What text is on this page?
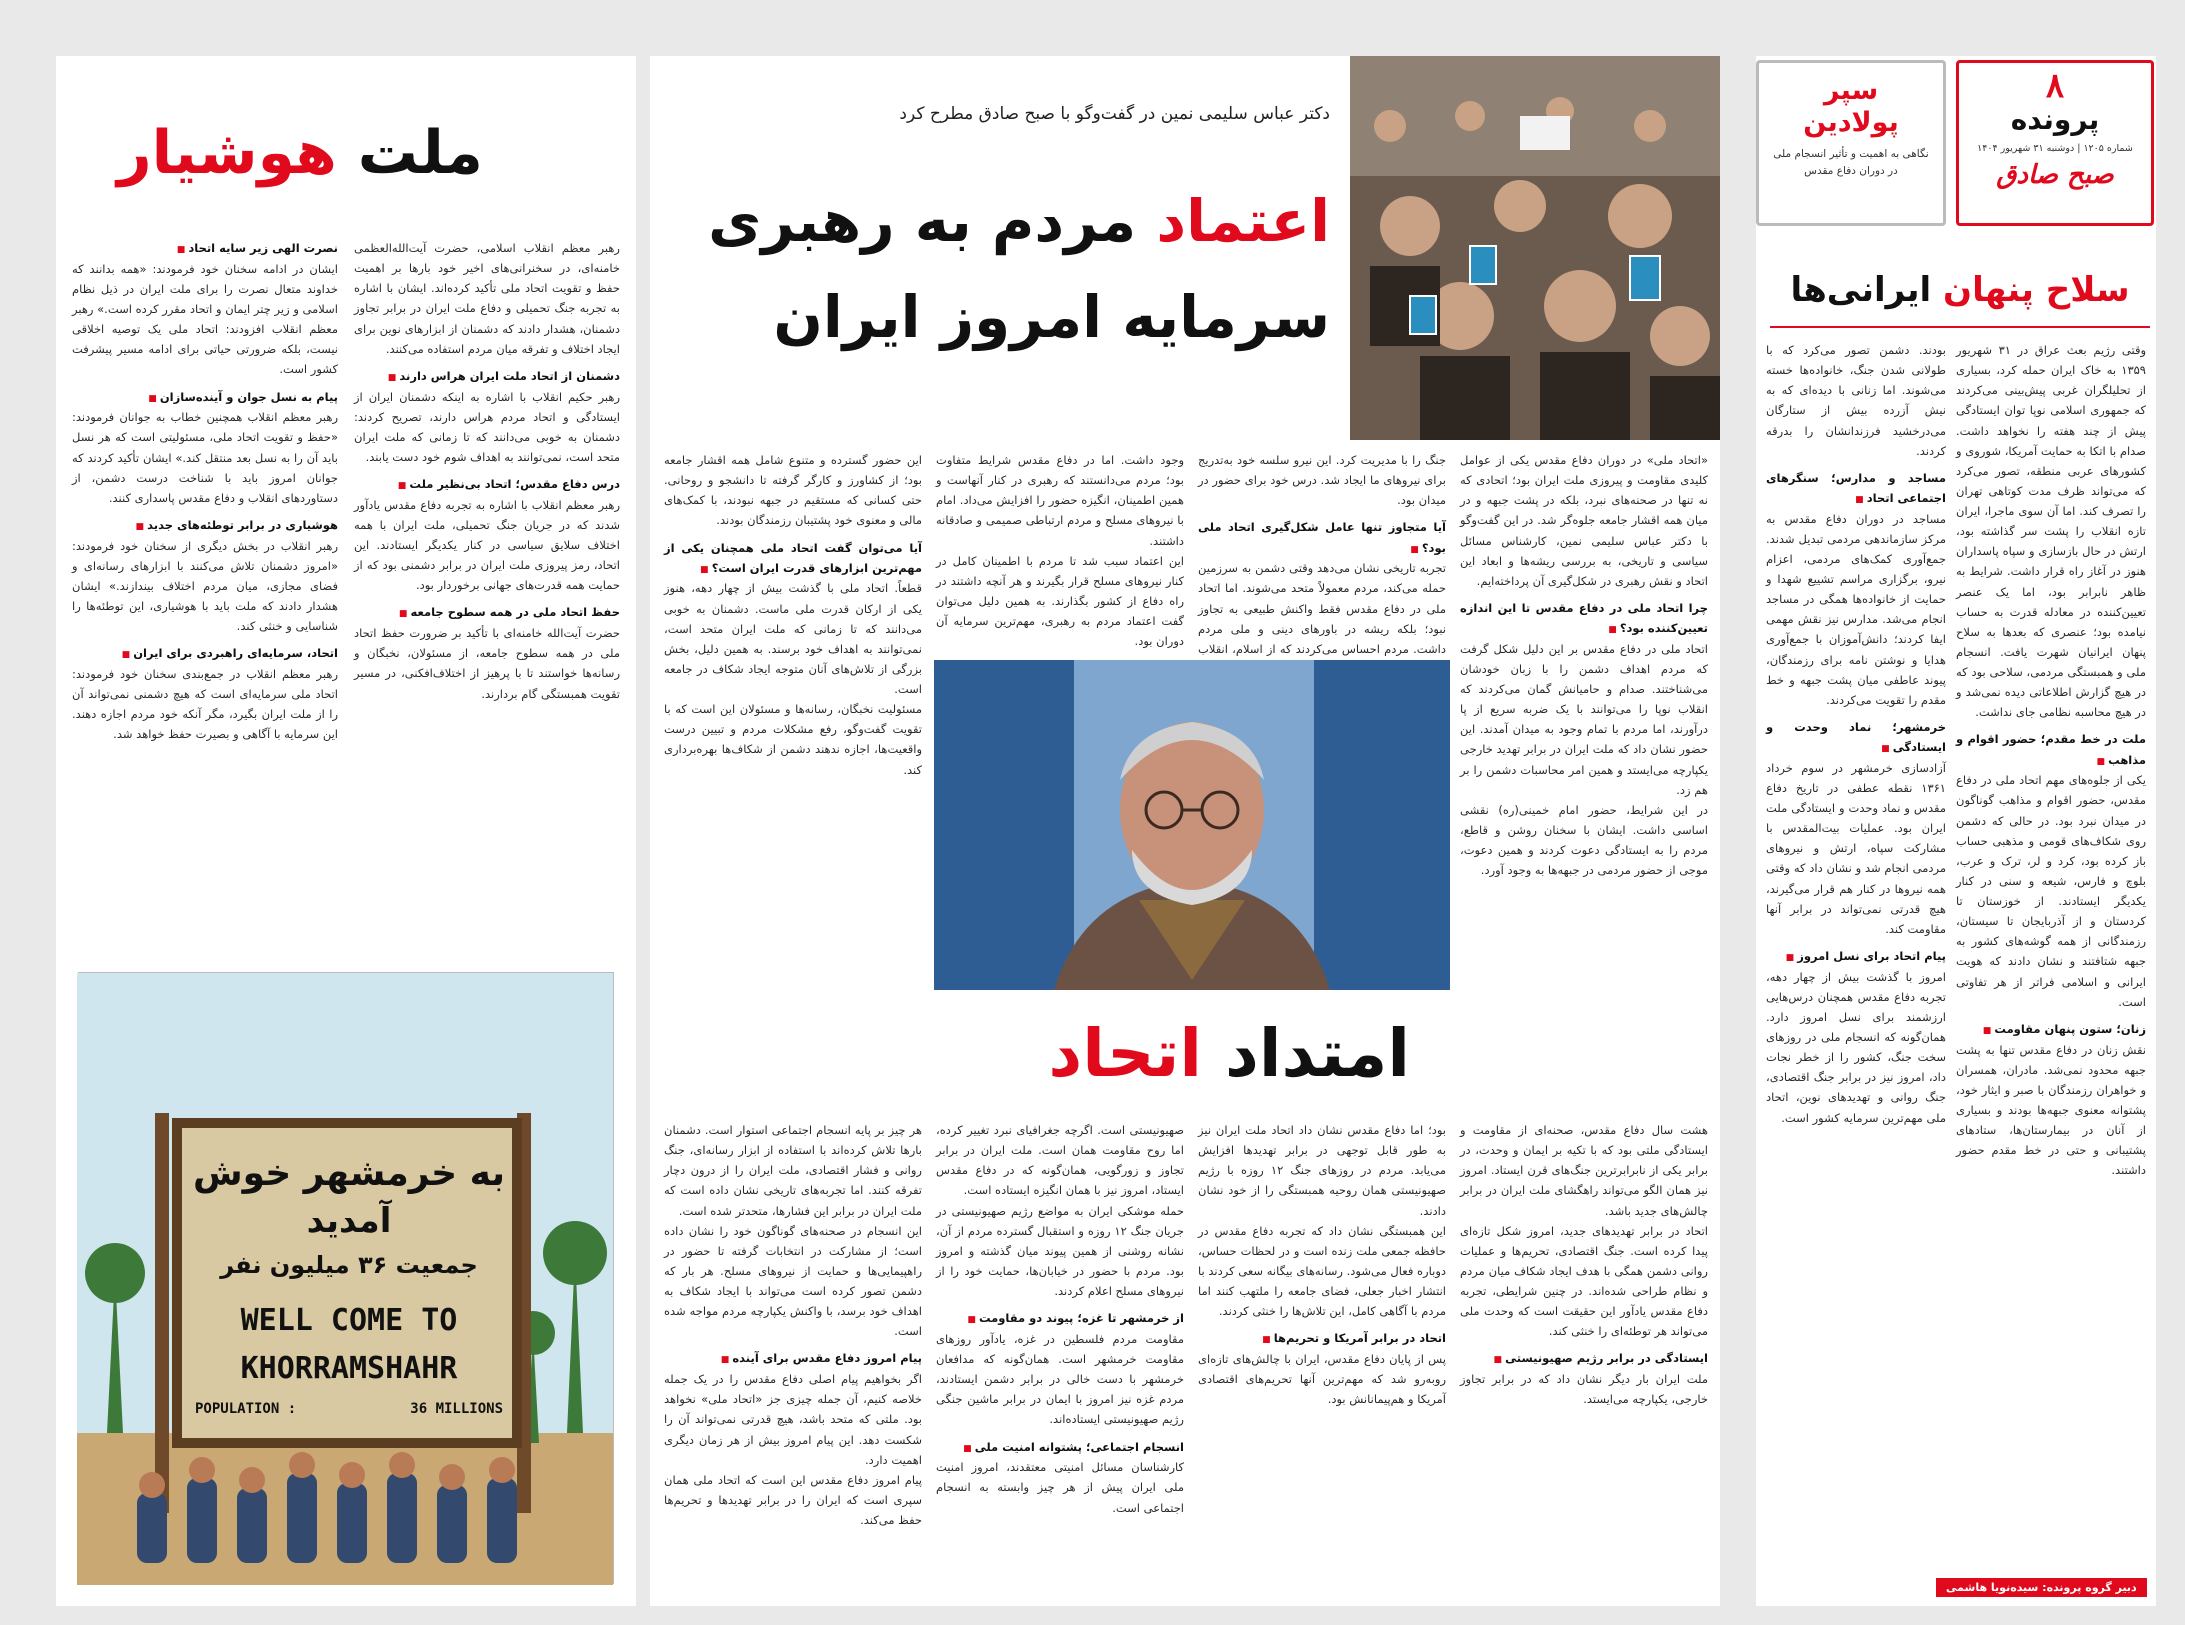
۸
پرونده
شماره ۱۲۰۵ | دوشنبه ۳۱ شهریور ۱۴۰۴
صبح صادق
سپر
پولادین
نگاهی به اهمیت و تأثیر انسجام ملی در دوران دفاع مقدس
سلاح پنهان ایرانی‌ها
وقتی رژیم بعث عراق در ۳۱ شهریور ۱۳۵۹ به خاک ایران حمله کرد، بسیاری از تحلیلگران غربی پیش‌بینی می‌کردند که جمهوری اسلامی نوپا توان ایستادگی پیش از چند هفته را نخواهد داشت. صدام با اتکا به حمایت آمریکا، شوروی و کشورهای عربی منطقه، تصور می‌کرد که می‌تواند ظرف مدت کوتاهی تهران را تصرف کند. اما آن سوی ماجرا، ایران تازه انقلاب را پشت سر گذاشته بود، ارتش در حال بازسازی و سپاه پاسداران هنوز در آغاز راه قرار داشت. شرایط به ظاهر نابرابر بود، اما یک عنصر تعیین‌کننده در معادله قدرت به حساب نیامده بود؛ عنصری که بعدها به سلاح پنهان ایرانیان شهرت یافت. انسجام ملی و همبستگی مردمی، سلاحی بود که در هیچ گزارش اطلاعاتی دیده نمی‌شد و در هیچ محاسبه نظامی جای نداشت.
ملت در خط مقدم؛ حضور اقوام و مذاهب ■
یکی از جلوه‌های مهم اتحاد ملی در دفاع مقدس، حضور اقوام و مذاهب گوناگون در میدان نبرد بود. در حالی که دشمن روی شکاف‌های قومی و مذهبی حساب باز کرده بود، کرد و لر، ترک و عرب، بلوچ و فارس، شیعه و سنی در کنار یکدیگر ایستادند. از خوزستان تا کردستان و از آذربایجان تا سیستان، رزمندگانی از همه گوشه‌های کشور به جبهه شتافتند و نشان دادند که هویت ایرانی و اسلامی فراتر از هر تفاوتی است.
زنان؛ ستون پنهان مقاومت ■
نقش زنان در دفاع مقدس تنها به پشت جبهه محدود نمی‌شد. مادران، همسران و خواهران رزمندگان با صبر و ایثار خود، پشتوانه معنوی جبهه‌ها بودند و بسیاری از آنان در بیمارستان‌ها، ستادهای پشتیبانی و حتی در خط مقدم حضور داشتند.
بودند. دشمن تصور می‌کرد که با طولانی شدن جنگ، خانواده‌ها خسته می‌شوند. اما زنانی با دیده‌ای که به نیش آزرده بیش از ستارگان می‌درخشید فرزندانشان را بدرقه کردند.
مساجد و مدارس؛ سنگرهای اجتماعی اتحاد ■
مساجد در دوران دفاع مقدس به مرکز سازماندهی مردمی تبدیل شدند. جمع‌آوری کمک‌های مردمی، اعزام نیرو، برگزاری مراسم تشییع شهدا و حمایت از خانواده‌ها همگی در مساجد انجام می‌شد. مدارس نیز نقش مهمی ایفا کردند؛ دانش‌آموزان با جمع‌آوری هدایا و نوشتن نامه برای رزمندگان، پیوند عاطفی میان پشت جبهه و خط مقدم را تقویت می‌کردند.
خرمشهر؛ نماد وحدت و ایستادگی ■
آزادسازی خرمشهر در سوم خرداد ۱۳۶۱ نقطه عطفی در تاریخ دفاع مقدس و نماد وحدت و ایستادگی ملت ایران بود. عملیات بیت‌المقدس با مشارکت سپاه، ارتش و نیروهای مردمی انجام شد و نشان داد که وقتی همه نیروها در کنار هم قرار می‌گیرند، هیچ قدرتی نمی‌تواند در برابر آنها مقاومت کند.
پیام اتحاد برای نسل امروز ■
امروز با گذشت بیش از چهار دهه، تجربه دفاع مقدس همچنان درس‌هایی ارزشمند برای نسل امروز دارد. همان‌گونه که انسجام ملی در روزهای سخت جنگ، کشور را از خطر نجات داد، امروز نیز در برابر جنگ اقتصادی، جنگ روانی و تهدیدهای نوین، اتحاد ملی مهم‌ترین سرمایه کشور است.
دبیر گروه پرونده: سیده‌نویا هاشمی
دکتر عباس سلیمی نمین در گفت‌وگو با صبح صادق مطرح کرد
اعتماد مردم به رهبری
سرمایه امروز ایران
«اتحاد ملی» در دوران دفاع مقدس یکی از عوامل کلیدی مقاومت و پیروزی ملت ایران بود؛ اتحادی که نه تنها در صحنه‌های نبرد، بلکه در پشت جبهه و در میان همه اقشار جامعه جلوه‌گر شد. در این گفت‌وگو با دکتر عباس سلیمی نمین، کارشناس مسائل سیاسی و تاریخی، به بررسی ریشه‌ها و ابعاد این اتحاد و نقش رهبری در شکل‌گیری آن پرداخته‌ایم.
چرا اتحاد ملی در دفاع مقدس تا این اندازه تعیین‌کننده بود؟ ■
اتحاد ملی در دفاع مقدس بر این دلیل شکل گرفت که مردم اهداف دشمن را با زبان خودشان می‌شناختند. صدام و حامیانش گمان می‌کردند که انقلاب نوپا را می‌توانند با یک ضربه سریع از پا درآورند، اما مردم با تمام وجود به میدان آمدند. این حضور نشان داد که ملت ایران در برابر تهدید خارجی یکپارچه می‌ایستد و همین امر محاسبات دشمن را بر هم زد.
در این شرایط، حضور امام خمینی(ره) نقشی اساسی داشت. ایشان با سخنان روشن و قاطع، مردم را به ایستادگی دعوت کردند و همین دعوت، موجی از حضور مردمی در جبهه‌ها به وجود آورد.
جنگ را با مدیریت کرد. این نیرو سلسه خود به‌تدریج برای نیروهای ما ایجاد شد. درس خود برای حضور در میدان بود.
آیا متجاوز تنها عامل شکل‌گیری اتحاد ملی بود؟ ■
تجربه تاریخی نشان می‌دهد وقتی دشمن به سرزمین حمله می‌کند، مردم معمولاً متحد می‌شوند. اما اتحاد ملی در دفاع مقدس فقط واکنش طبیعی به تجاوز نبود؛ بلکه ریشه در باورهای دینی و ملی مردم داشت. مردم احساس می‌کردند که از اسلام، انقلاب
■
وجود داشت. اما در دفاع مقدس شرایط متفاوت بود؛ مردم می‌دانستند که رهبری در کنار آنهاست و همین اطمینان، انگیزه حضور را افزایش می‌داد. امام با نیروهای مسلح و مردم ارتباطی صمیمی و صادقانه داشتند.
این اعتماد سبب شد تا مردم با اطمینان کامل در کنار نیروهای مسلح قرار بگیرند و هر آنچه داشتند در راه دفاع از کشور بگذارند. به همین دلیل می‌توان گفت اعتماد مردم به رهبری، مهم‌ترین سرمایه آن دوران بود.
■
این حضور گسترده و متنوع شامل همه اقشار جامعه بود؛ از کشاورز و کارگر گرفته تا دانشجو و روحانی. حتی کسانی که مستقیم در جبهه نبودند، با کمک‌های مالی و معنوی خود پشتیبان رزمندگان بودند.
آیا می‌توان گفت اتحاد ملی همچنان یکی از مهم‌ترین ابزارهای قدرت ایران است؟ ■
قطعاً. اتحاد ملی با گذشت بیش از چهار دهه، هنوز یکی از ارکان قدرت ملی ماست. دشمنان به خوبی می‌دانند که تا زمانی که ملت ایران متحد است، نمی‌توانند به اهداف خود برسند. به همین دلیل، بخش بزرگی از تلاش‌های آنان متوجه ایجاد شکاف در جامعه است.
مسئولیت نخبگان، رسانه‌ها و مسئولان این است که با تقویت گفت‌وگو، رفع مشکلات مردم و تبیین درست واقعیت‌ها، اجازه ندهند دشمن از شکاف‌ها بهره‌برداری کند.
امتداد اتحاد
هشت سال دفاع مقدس، صحنه‌ای از مقاومت و ایستادگی ملتی بود که با تکیه بر ایمان و وحدت، در برابر یکی از نابرابرترین جنگ‌های قرن ایستاد. امروز نیز همان الگو می‌تواند راهگشای ملت ایران در برابر چالش‌های جدید باشد.
اتحاد در برابر تهدیدهای جدید، امروز شکل تازه‌ای پیدا کرده است. جنگ اقتصادی، تحریم‌ها و عملیات روانی دشمن همگی با هدف ایجاد شکاف میان مردم و نظام طراحی شده‌اند. در چنین شرایطی، تجربه دفاع مقدس یادآور این حقیقت است که وحدت ملی می‌تواند هر توطئه‌ای را خنثی کند.
ایستادگی در برابر رژیم صهیونیستی ■
ملت ایران بار دیگر نشان داد که در برابر تجاوز خارجی، یکپارچه می‌ایستد.
بود؛ اما دفاع مقدس نشان داد اتحاد ملت ایران نیز به طور قابل توجهی در برابر تهدیدها افزایش می‌یابد. مردم در روزهای جنگ ۱۲ روزه با رژیم صهیونیستی همان روحیه همبستگی را از خود نشان دادند.
این همبستگی نشان داد که تجربه دفاع مقدس در حافظه جمعی ملت زنده است و در لحظات حساس، دوباره فعال می‌شود. رسانه‌های بیگانه سعی کردند با انتشار اخبار جعلی، فضای جامعه را ملتهب کنند اما مردم با آگاهی کامل، این تلاش‌ها را خنثی کردند.
اتحاد در برابر آمریکا و تحریم‌ها ■
پس از پایان دفاع مقدس، ایران با چالش‌های تازه‌ای روبه‌رو شد که مهم‌ترین آنها تحریم‌های اقتصادی آمریکا و هم‌پیمانانش بود.
صهیونیستی است. اگرچه جغرافیای نبرد تغییر کرده، اما روح مقاومت همان است. ملت ایران در برابر تجاوز و زورگویی، همان‌گونه که در دفاع مقدس ایستاد، امروز نیز با همان انگیزه ایستاده است.
حمله موشکی ایران به مواضع رژیم صهیونیستی در جریان جنگ ۱۲ روزه و استقبال گسترده مردم از آن، نشانه روشنی از همین پیوند میان گذشته و امروز بود. مردم با حضور در خیابان‌ها، حمایت خود را از نیروهای مسلح اعلام کردند.
از خرمشهر تا غزه؛ پیوند دو مقاومت ■
مقاومت مردم فلسطین در غزه، یادآور روزهای مقاومت خرمشهر است. همان‌گونه که مدافعان خرمشهر با دست خالی در برابر دشمن ایستادند، مردم غزه نیز امروز با ایمان در برابر ماشین جنگی رژیم صهیونیستی ایستاده‌اند.
انسجام اجتماعی؛ پشتوانه امنیت ملی ■
کارشناسان مسائل امنیتی معتقدند، امروز امنیت ملی ایران پیش از هر چیز وابسته به انسجام اجتماعی است.
هر چیز بر پایه انسجام اجتماعی استوار است. دشمنان بارها تلاش کرده‌اند با استفاده از ابزار رسانه‌ای، جنگ روانی و فشار اقتصادی، ملت ایران را از درون دچار تفرقه کنند. اما تجربه‌های تاریخی نشان داده است که ملت ایران در برابر این فشارها، متحدتر شده است.
این انسجام در صحنه‌های گوناگون خود را نشان داده است؛ از مشارکت در انتخابات گرفته تا حضور در راهپیمایی‌ها و حمایت از نیروهای مسلح. هر بار که دشمن تصور کرده است می‌تواند با ایجاد شکاف به اهداف خود برسد، با واکنش یکپارچه مردم مواجه شده است.
پیام امروز دفاع مقدس برای آینده ■
اگر بخواهیم پیام اصلی دفاع مقدس را در یک جمله خلاصه کنیم، آن جمله چیزی جز «اتحاد ملی» نخواهد بود. ملتی که متحد باشد، هیچ قدرتی نمی‌تواند آن را شکست دهد. این پیام امروز بیش از هر زمان دیگری اهمیت دارد.
پیام امروز دفاع مقدس این است که اتحاد ملی همان سپری است که ایران را در برابر تهدیدها و تحریم‌ها حفظ می‌کند.
ملت هوشیار
رهبر معظم انقلاب اسلامی، حضرت آیت‌الله‌العظمی خامنه‌ای، در سخنرانی‌های اخیر خود بارها بر اهمیت حفظ و تقویت اتحاد ملی تأکید کرده‌اند. ایشان با اشاره به تجربه جنگ تحمیلی و دفاع ملت ایران در برابر تجاوز دشمنان، هشدار دادند که دشمنان از ابزارهای نوین برای ایجاد اختلاف و تفرقه میان مردم استفاده می‌کنند.
دشمنان از اتحاد ملت ایران هراس دارند ■
رهبر حکیم انقلاب با اشاره به اینکه دشمنان ایران از ایستادگی و اتحاد مردم هراس دارند، تصریح کردند: دشمنان به خوبی می‌دانند که تا زمانی که ملت ایران متحد است، نمی‌توانند به اهداف شوم خود دست یابند.
درس دفاع مقدس؛ اتحاد بی‌نظیر ملت ■
رهبر معظم انقلاب با اشاره به تجربه دفاع مقدس یادآور شدند که در جریان جنگ تحمیلی، ملت ایران با همه اختلاف سلایق سیاسی در کنار یکدیگر ایستادند. این اتحاد، رمز پیروزی ملت ایران در برابر دشمنی بود که از حمایت همه قدرت‌های جهانی برخوردار بود.
حفظ اتحاد ملی در همه سطوح جامعه ■
حضرت آیت‌الله خامنه‌ای با تأکید بر ضرورت حفظ اتحاد ملی در همه سطوح جامعه، از مسئولان، نخبگان و رسانه‌ها خواستند تا با پرهیز از اختلاف‌افکنی، در مسیر تقویت همبستگی گام بردارند.
نصرت الهی زیر سایه اتحاد ■
ایشان در ادامه سخنان خود فرمودند: «همه بدانند که خداوند متعال نصرت را برای ملت ایران در ذیل نظام اسلامی و زیر چتر ایمان و اتحاد مقرر کرده است.» رهبر معظم انقلاب افزودند: اتحاد ملی یک توصیه اخلاقی نیست، بلکه ضرورتی حیاتی برای ادامه مسیر پیشرفت کشور است.
پیام به نسل جوان و آینده‌سازان ■
رهبر معظم انقلاب همچنین خطاب به جوانان فرمودند: «حفظ و تقویت اتحاد ملی، مسئولیتی است که هر نسل باید آن را به نسل بعد منتقل کند.» ایشان تأکید کردند که جوانان امروز باید با شناخت درست دشمن، از دستاوردهای انقلاب و دفاع مقدس پاسداری کنند.
هوشیاری در برابر توطئه‌های جدید ■
رهبر انقلاب در بخش دیگری از سخنان خود فرمودند: «امروز دشمنان تلاش می‌کنند با ابزارهای رسانه‌ای و فضای مجازی، میان مردم اختلاف بیندازند.» ایشان هشدار دادند که ملت باید با هوشیاری، این توطئه‌ها را شناسایی و خنثی کند.
اتحاد، سرمایه‌ای راهبردی برای ایران ■
رهبر معظم انقلاب در جمع‌بندی سخنان خود فرمودند: اتحاد ملی سرمایه‌ای است که هیچ دشمنی نمی‌تواند آن را از ملت ایران بگیرد، مگر آنکه خود مردم اجازه دهند. این سرمایه با آگاهی و بصیرت حفظ خواهد شد.
به خرمشهر خوش
آمدید
جمعیت ۳۶ میلیون نفر
WELL COME TO
KHORRAMSHAHR
POPULATION :	36 MILLIONS
